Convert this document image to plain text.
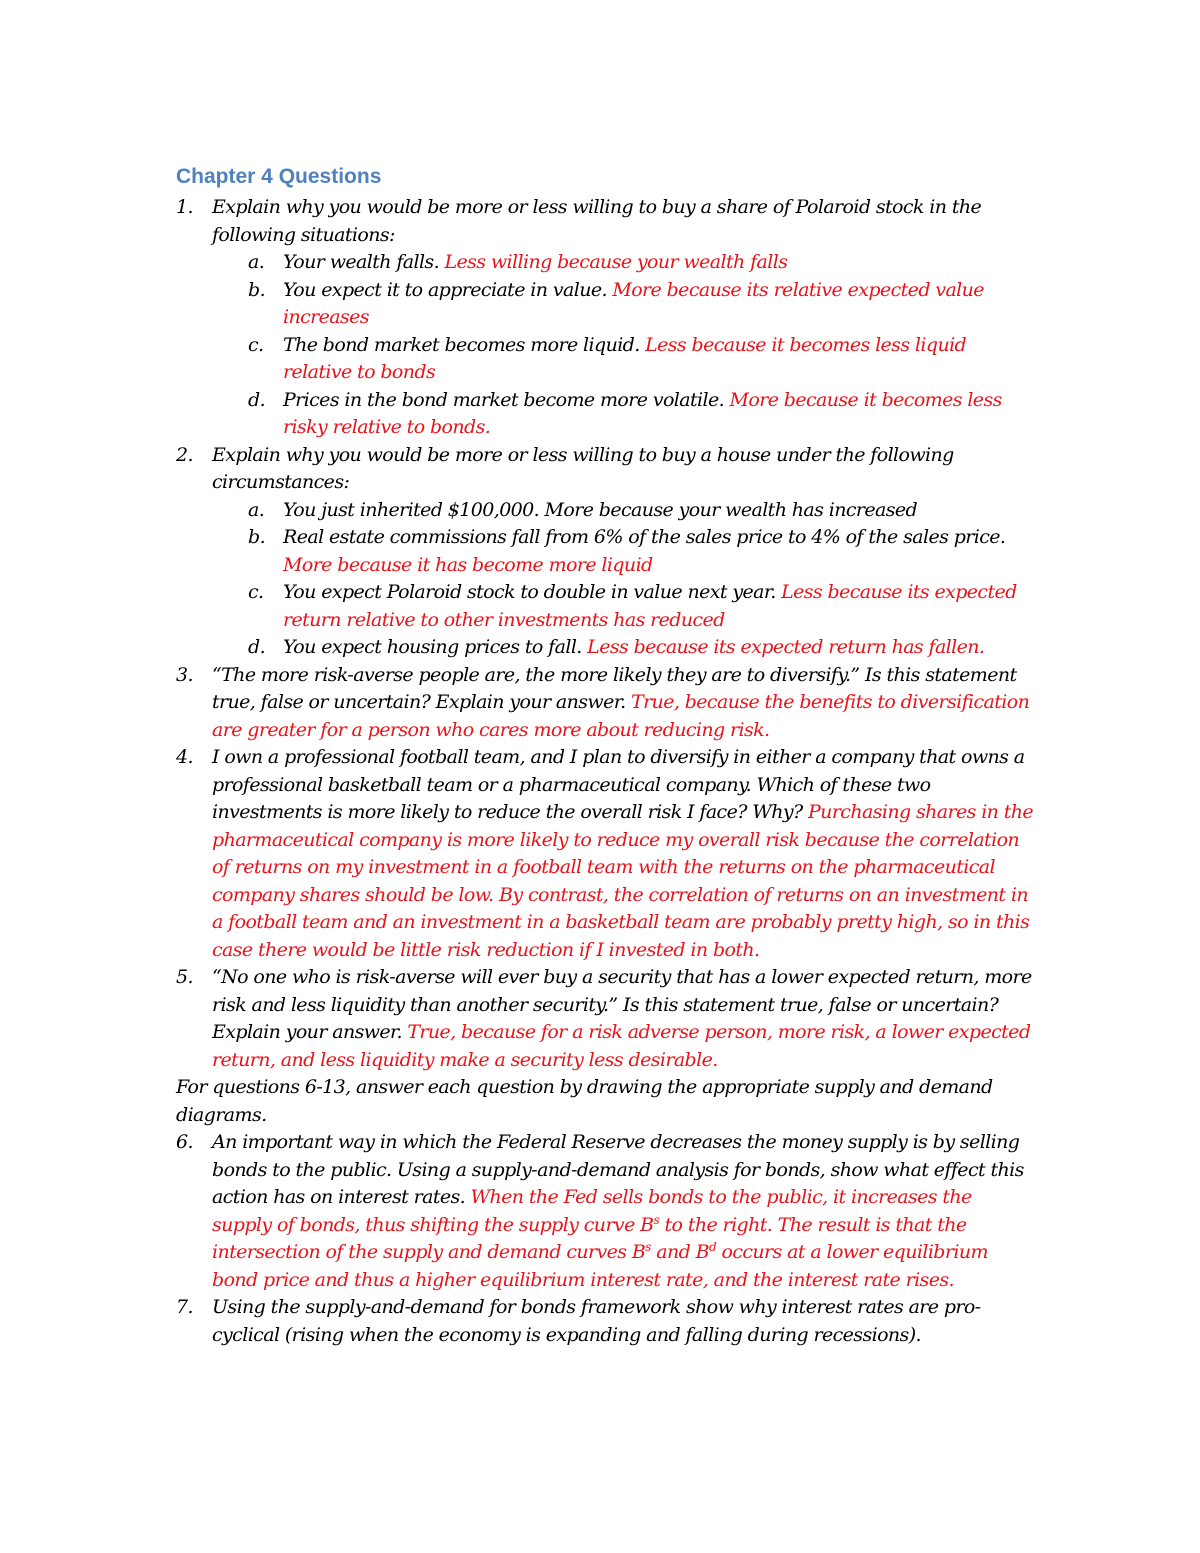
Chapter 4 Questions
1. Explain why you would be more or less willing to buy a share of Polaroid stock in the following situations:
a. Your wealth falls. Less willing because your wealth falls
b. You expect it to appreciate in value. More because its relative expected value increases
c. The bond market becomes more liquid. Less because it becomes less liquid relative to bonds
d. Prices in the bond market become more volatile. More because it becomes less risky relative to bonds.
2. Explain why you would be more or less willing to buy a house under the following circumstances:
a. You just inherited $100,000. More because your wealth has increased
b. Real estate commissions fall from 6% of the sales price to 4% of the sales price. More because it has become more liquid
c. You expect Polaroid stock to double in value next year. Less because its expected return relative to other investments has reduced
d. You expect housing prices to fall. Less because its expected return has fallen.
3. “The more risk-averse people are, the more likely they are to diversify.” Is this statement true, false or uncertain? Explain your answer. True, because the benefits to diversification are greater for a person who cares more about reducing risk.
4. I own a professional football team, and I plan to diversify in either a company that owns a professional basketball team or a pharmaceutical company. Which of these two investments is more likely to reduce the overall risk I face? Why? Purchasing shares in the pharmaceutical company is more likely to reduce my overall risk because the correlation of returns on my investment in a football team with the returns on the pharmaceutical company shares should be low. By contrast, the correlation of returns on an investment in a football team and an investment in a basketball team are probably pretty high, so in this case there would be little risk reduction if I invested in both.
5. “No one who is risk-averse will ever buy a security that has a lower expected return, more risk and less liquidity than another security.” Is this statement true, false or uncertain? Explain your answer. True, because for a risk adverse person, more risk, a lower expected return, and less liquidity make a security less desirable.
For questions 6-13, answer each question by drawing the appropriate supply and demand diagrams.
6. An important way in which the Federal Reserve decreases the money supply is by selling bonds to the public. Using a supply-and-demand analysis for bonds, show what effect this action has on interest rates. When the Fed sells bonds to the public, it increases the supply of bonds, thus shifting the supply curve $B^s$ to the right. The result is that the intersection of the supply and demand curves $B^s$ and $B^d$ occurs at a lower equilibrium bond price and thus a higher equilibrium interest rate, and the interest rate rises.
7. Using the supply-and-demand for bonds framework show why interest rates are pro-cyclical (rising when the economy is expanding and falling during recessions).
